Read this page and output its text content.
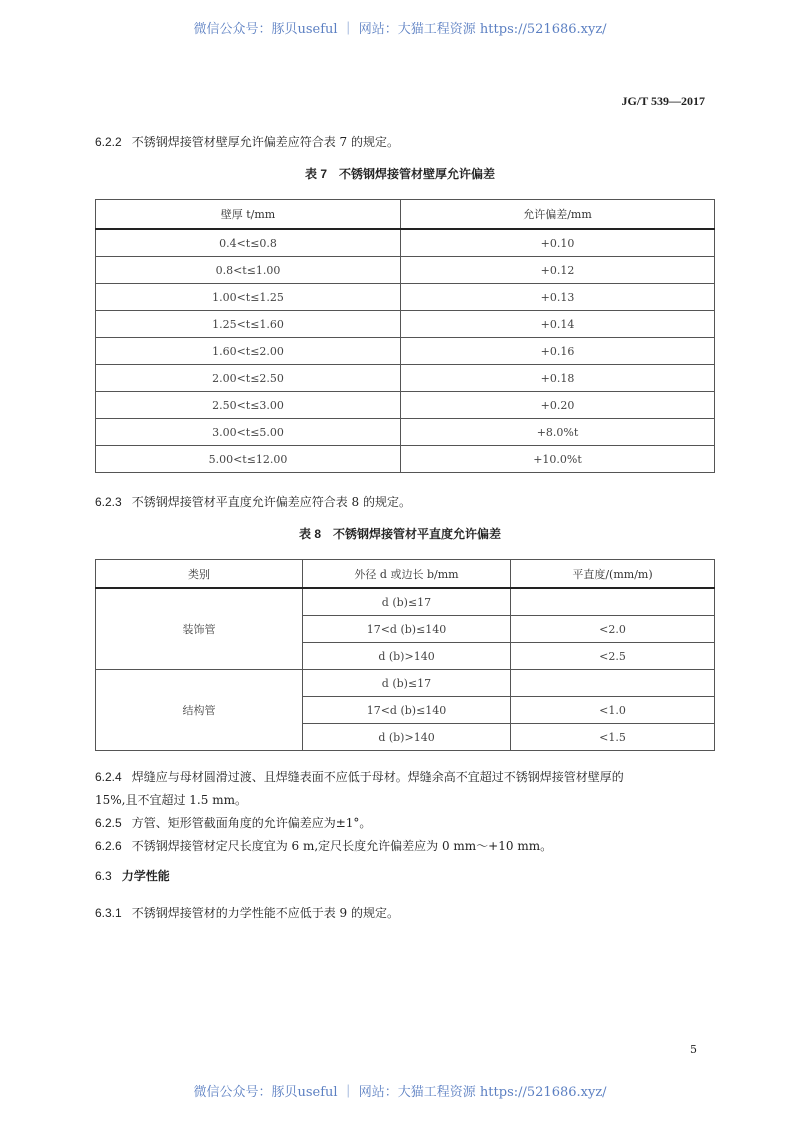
微信公众号：豚贝useful ｜ 网站：大猫工程资源 https://521686.xyz/
JG/T 539—2017
6.2.2 不锈钢焊接管材壁厚允许偏差应符合表 7 的规定。
表 7　不锈钢焊接管材壁厚允许偏差
壁厚 t/mm	允许偏差/mm
0.4<t≤0.8	+0.10
0.8<t≤1.00	+0.12
1.00<t≤1.25	+0.13
1.25<t≤1.60	+0.14
1.60<t≤2.00	+0.16
2.00<t≤2.50	+0.18
2.50<t≤3.00	+0.20
3.00<t≤5.00	+8.0%t
5.00<t≤12.00	+10.0%t
6.2.3 不锈钢焊接管材平直度允许偏差应符合表 8 的规定。
表 8　不锈钢焊接管材平直度允许偏差
类别	外径 d 或边长 b/mm	平直度/(mm/m)
装饰管	d (b)≤17	
	17<d (b)≤140	<2.0
	d (b)>140	<2.5
结构管	d (b)≤17	
	17<d (b)≤140	<1.0
	d (b)>140	<1.5
6.2.4 焊缝应与母材圆滑过渡、且焊缝表面不应低于母材。焊缝余高不宜超过不锈钢焊接管材壁厚的
15%,且不宜超过 1.5 mm。
6.2.5 方管、矩形管截面角度的允许偏差应为±1°。
6.2.6 不锈钢焊接管材定尺长度宜为 6 m,定尺长度允许偏差应为 0 mm～+10 mm。
6.3 力学性能
6.3.1 不锈钢焊接管材的力学性能不应低于表 9 的规定。
5
微信公众号：豚贝useful ｜ 网站：大猫工程资源 https://521686.xyz/
